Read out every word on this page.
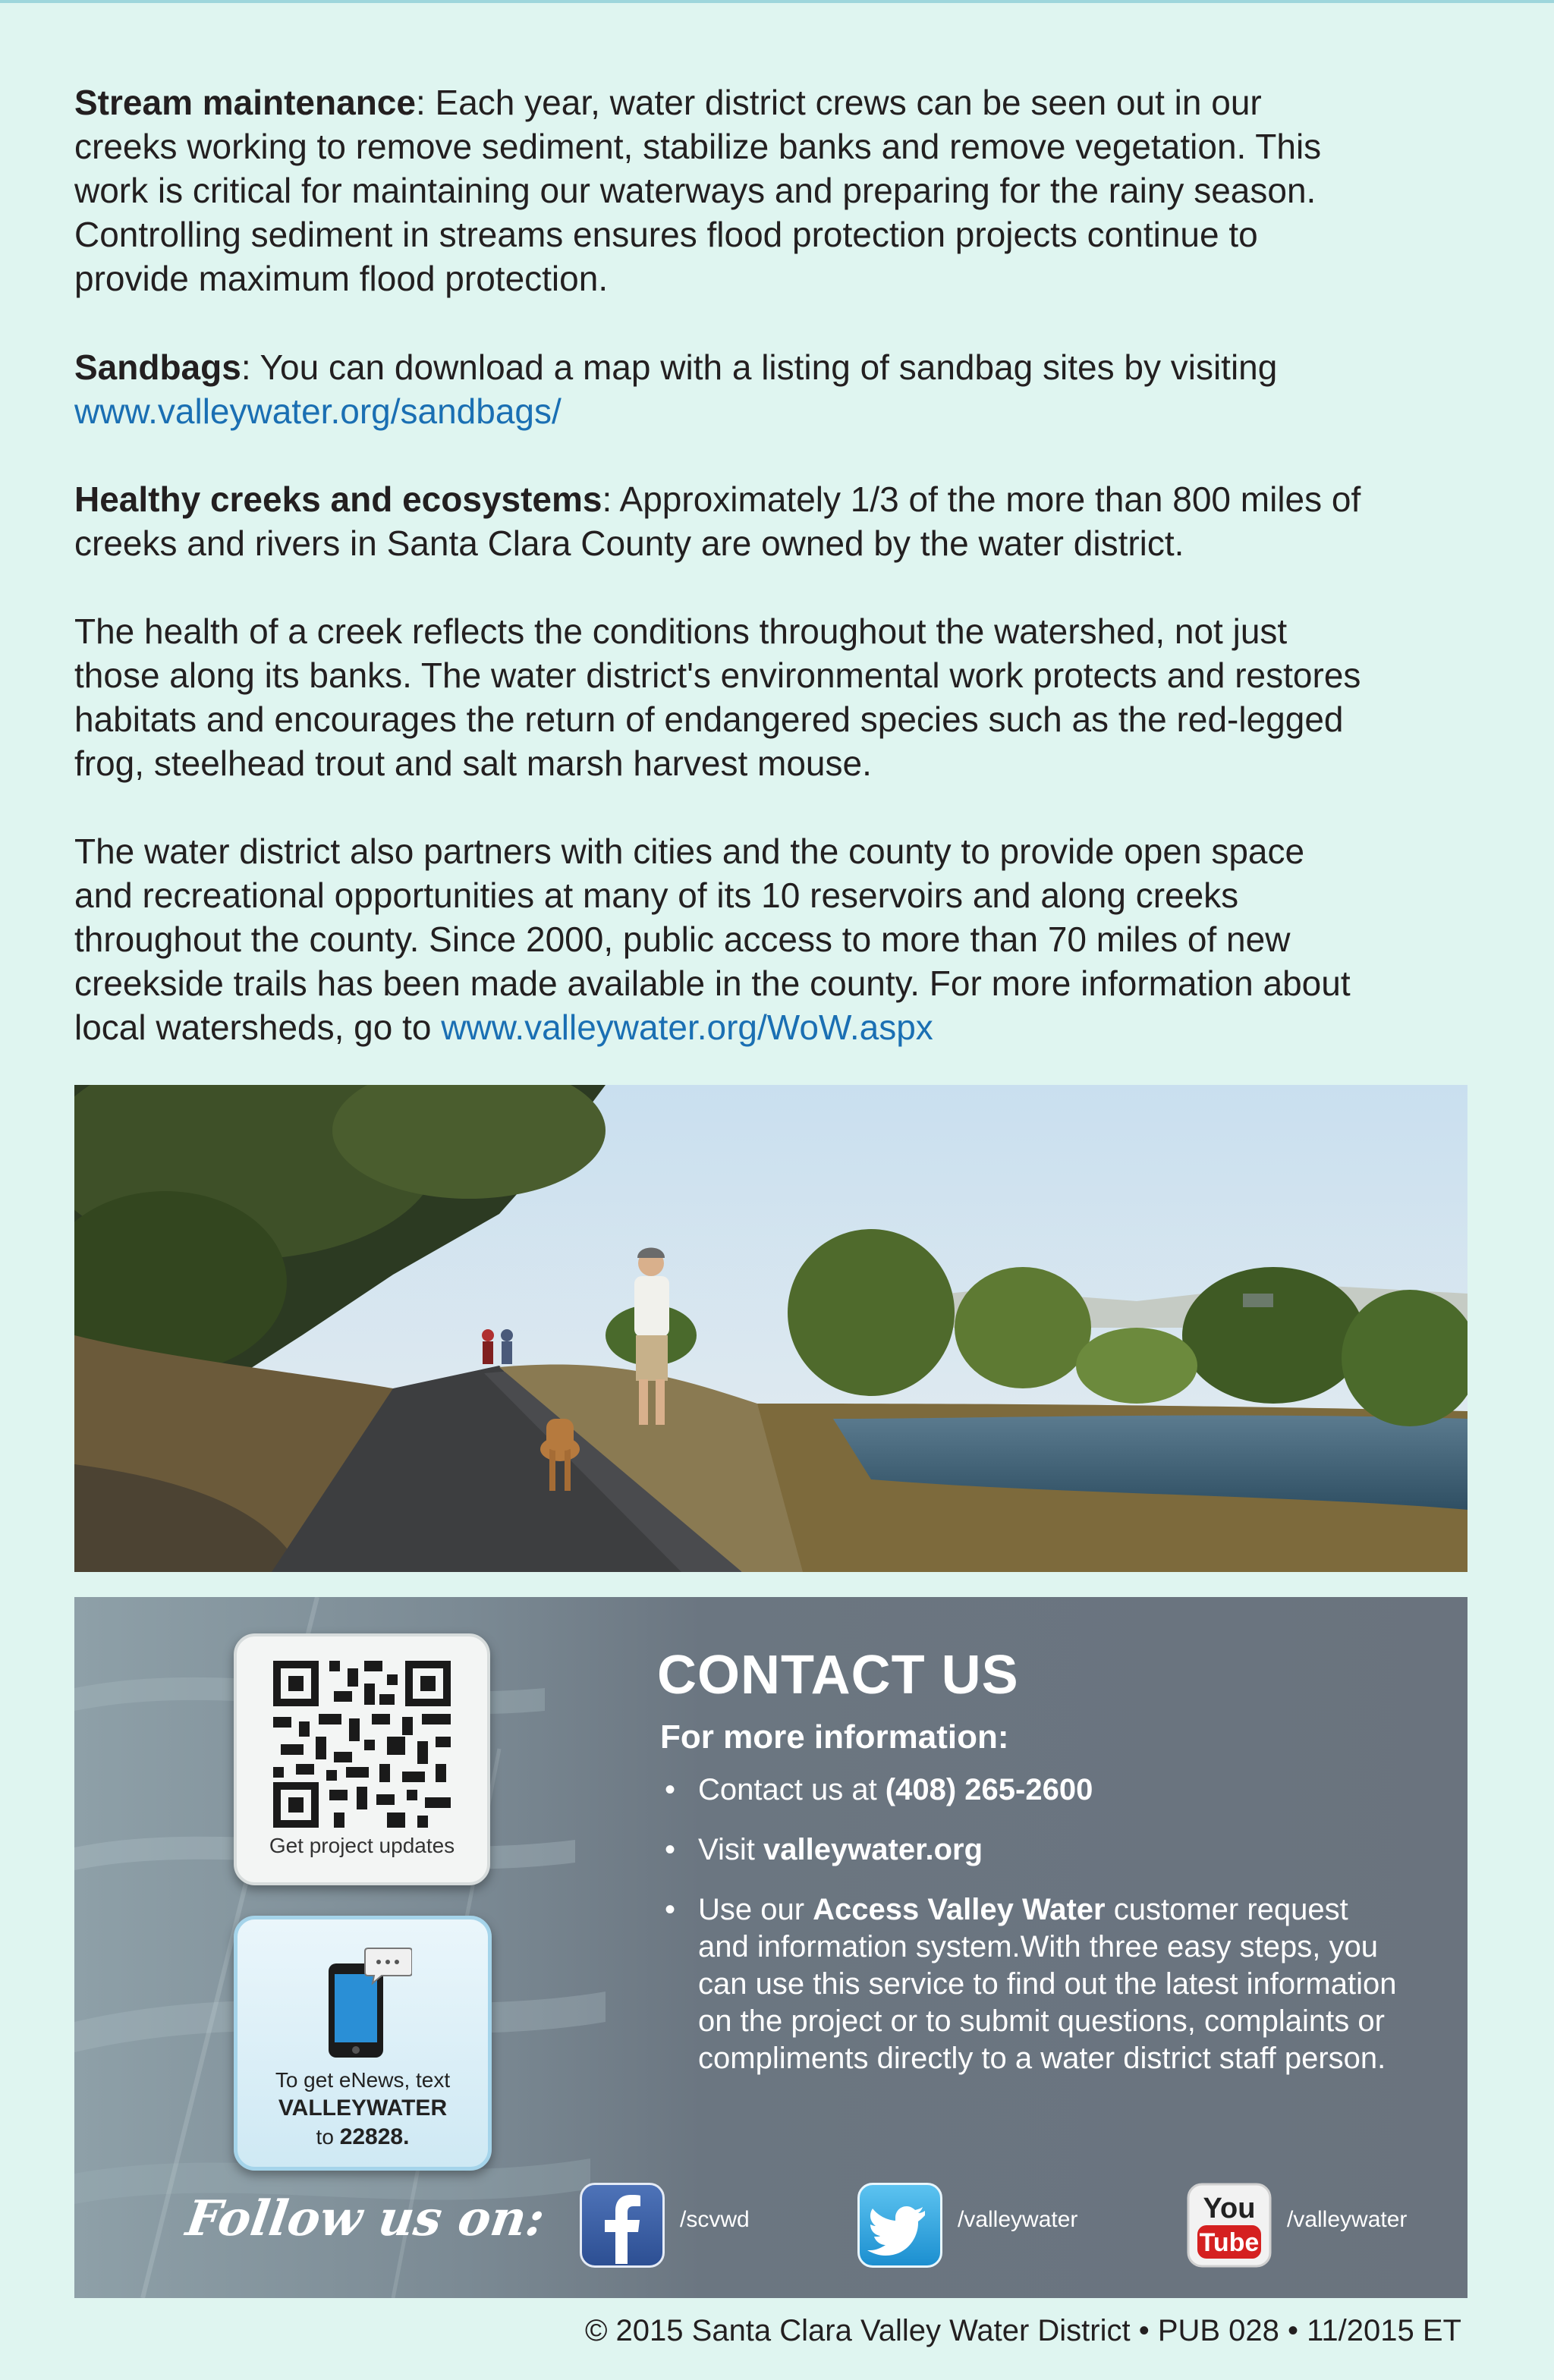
Stream maintenance: Each year, water district crews can be seen out in our creeks working to remove sediment, stabilize banks and remove vegetation. This work is critical for maintaining our waterways and preparing for the rainy season. Controlling sediment in streams ensures flood protection projects continue to provide maximum flood protection.

Sandbags: You can download a map with a listing of sandbag sites by visiting www.valleywater.org/sandbags/

Healthy creeks and ecosystems: Approximately 1/3 of the more than 800 miles of creeks and rivers in Santa Clara County are owned by the water district.

The health of a creek reflects the conditions throughout the watershed, not just those along its banks. The water district's environmental work protects and restores habitats and encourages the return of endangered species such as the red-legged frog, steelhead trout and salt marsh harvest mouse.

The water district also partners with cities and the county to provide open space and recreational opportunities at many of its 10 reservoirs and along creeks throughout the county. Since 2000, public access to more than 70 miles of new creekside trails has been made available in the county. For more information about local watersheds, go to www.valleywater.org/WoW.aspx

Get project updates
To get eNews, text
VALLEYWATER
to 22828.
CONTACT US
For more information:
• Contact us at (408) 265-2600
• Visit valleywater.org
• Use our Access Valley Water customer request and information system.With three easy steps, you can use this service to find out the latest information on the project or to submit questions, complaints or compliments directly to a water district staff person.
Follow us on:	/scvwd	/valleywater	You
Tube
/valleywater
© 2015 Santa Clara Valley Water District • PUB 028 • 11/2015 ET
